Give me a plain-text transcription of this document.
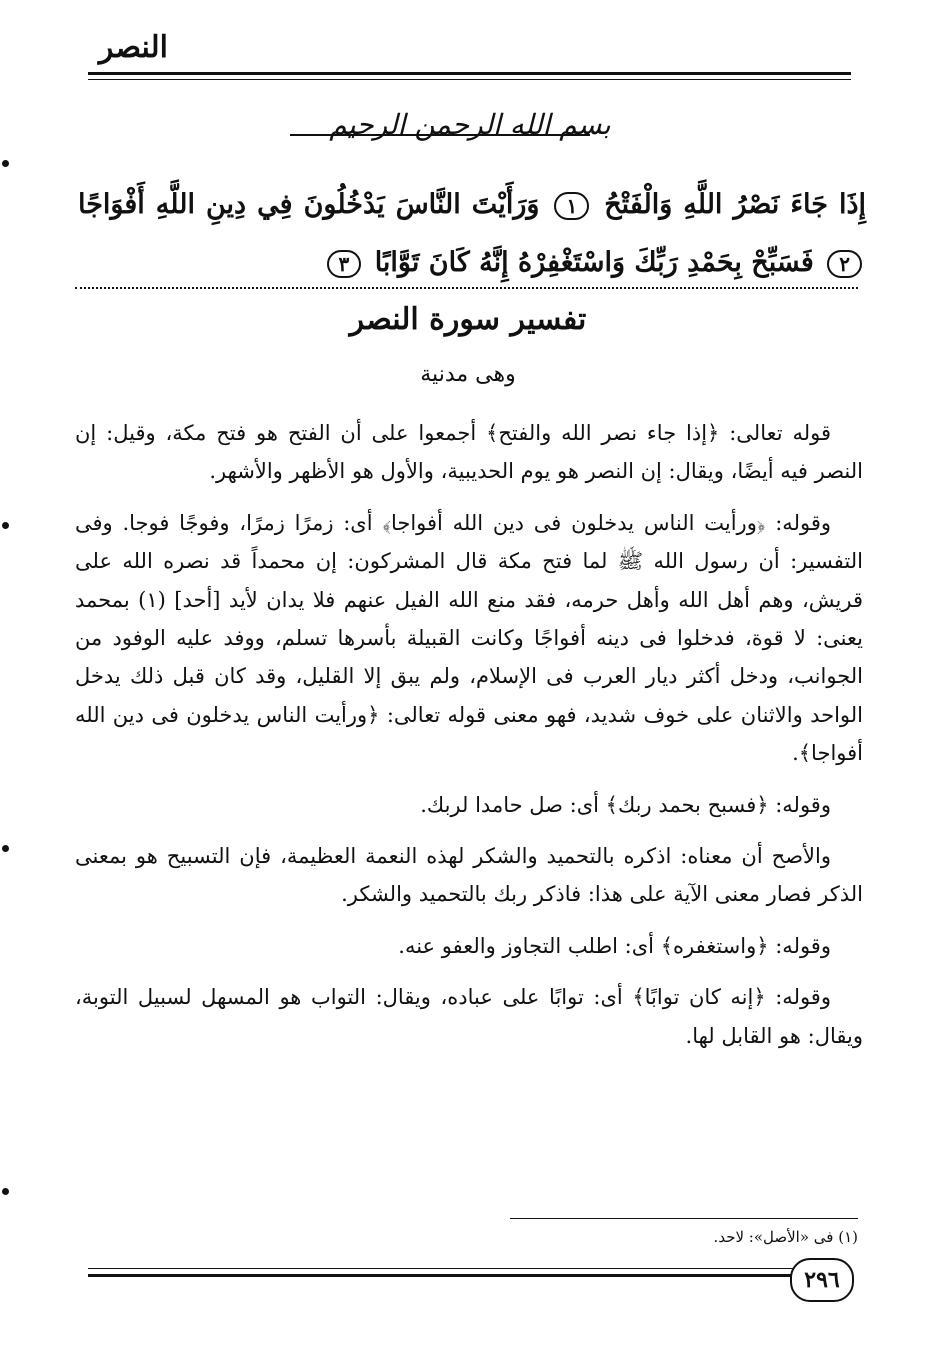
النصر
بسم الله الرحمن الرحيم
إِذَا جَاءَ نَصْرُ اللَّهِ وَالْفَتْحُ ١ وَرَأَيْتَ النَّاسَ يَدْخُلُونَ فِي دِينِ اللَّهِ أَفْوَاجًا ٢ فَسَبِّحْ بِحَمْدِ رَبِّكَ وَاسْتَغْفِرْهُ إِنَّهُ كَانَ تَوَّابًا ٣
تفسير سورة النصر
وهى مدنية

قوله تعالى: ﴿إذا جاء نصر الله والفتح﴾ أجمعوا على أن الفتح هو فتح مكة، وقيل: إن النصر فيه أيضًا، ويقال: إن النصر هو يوم الحديبية، والأول هو الأظهر والأشهر.

وقوله: ﴿ورأيت الناس يدخلون فى دين الله أفواجا﴾ أى: زمرًا زمرًا، وفوجًا فوجا. وفى التفسير: أن رسول الله ﷺ لما فتح مكة قال المشركون: إن محمداً قد نصره الله على قريش، وهم أهل الله وأهل حرمه، فقد منع الله الفيل عنهم فلا يدان لأيد [أحد] (١) بمحمد يعنى: لا قوة، فدخلوا فى دينه أفواجًا وكانت القبيلة بأسرها تسلم، ووفد عليه الوفود من الجوانب، ودخل أكثر ديار العرب فى الإسلام، ولم يبق إلا القليل، وقد كان قبل ذلك يدخل الواحد والاثنان على خوف شديد، فهو معنى قوله تعالى: ﴿ورأيت الناس يدخلون فى دين الله أفواجا﴾.

وقوله: ﴿فسبح بحمد ربك﴾ أى: صل حامدا لربك.

والأصح أن معناه: اذكره بالتحميد والشكر لهذه النعمة العظيمة، فإن التسبيح هو بمعنى الذكر فصار معنى الآية على هذا: فاذكر ربك بالتحميد والشكر.

وقوله: ﴿واستغفره﴾ أى: اطلب التجاوز والعفو عنه.

وقوله: ﴿إنه كان توابًا﴾ أى: توابًا على عباده، ويقال: التواب هو المسهل لسبيل التوبة، ويقال: هو القابل لها.

(١) فى «الأصل»: لاحد.
٢٩٦
